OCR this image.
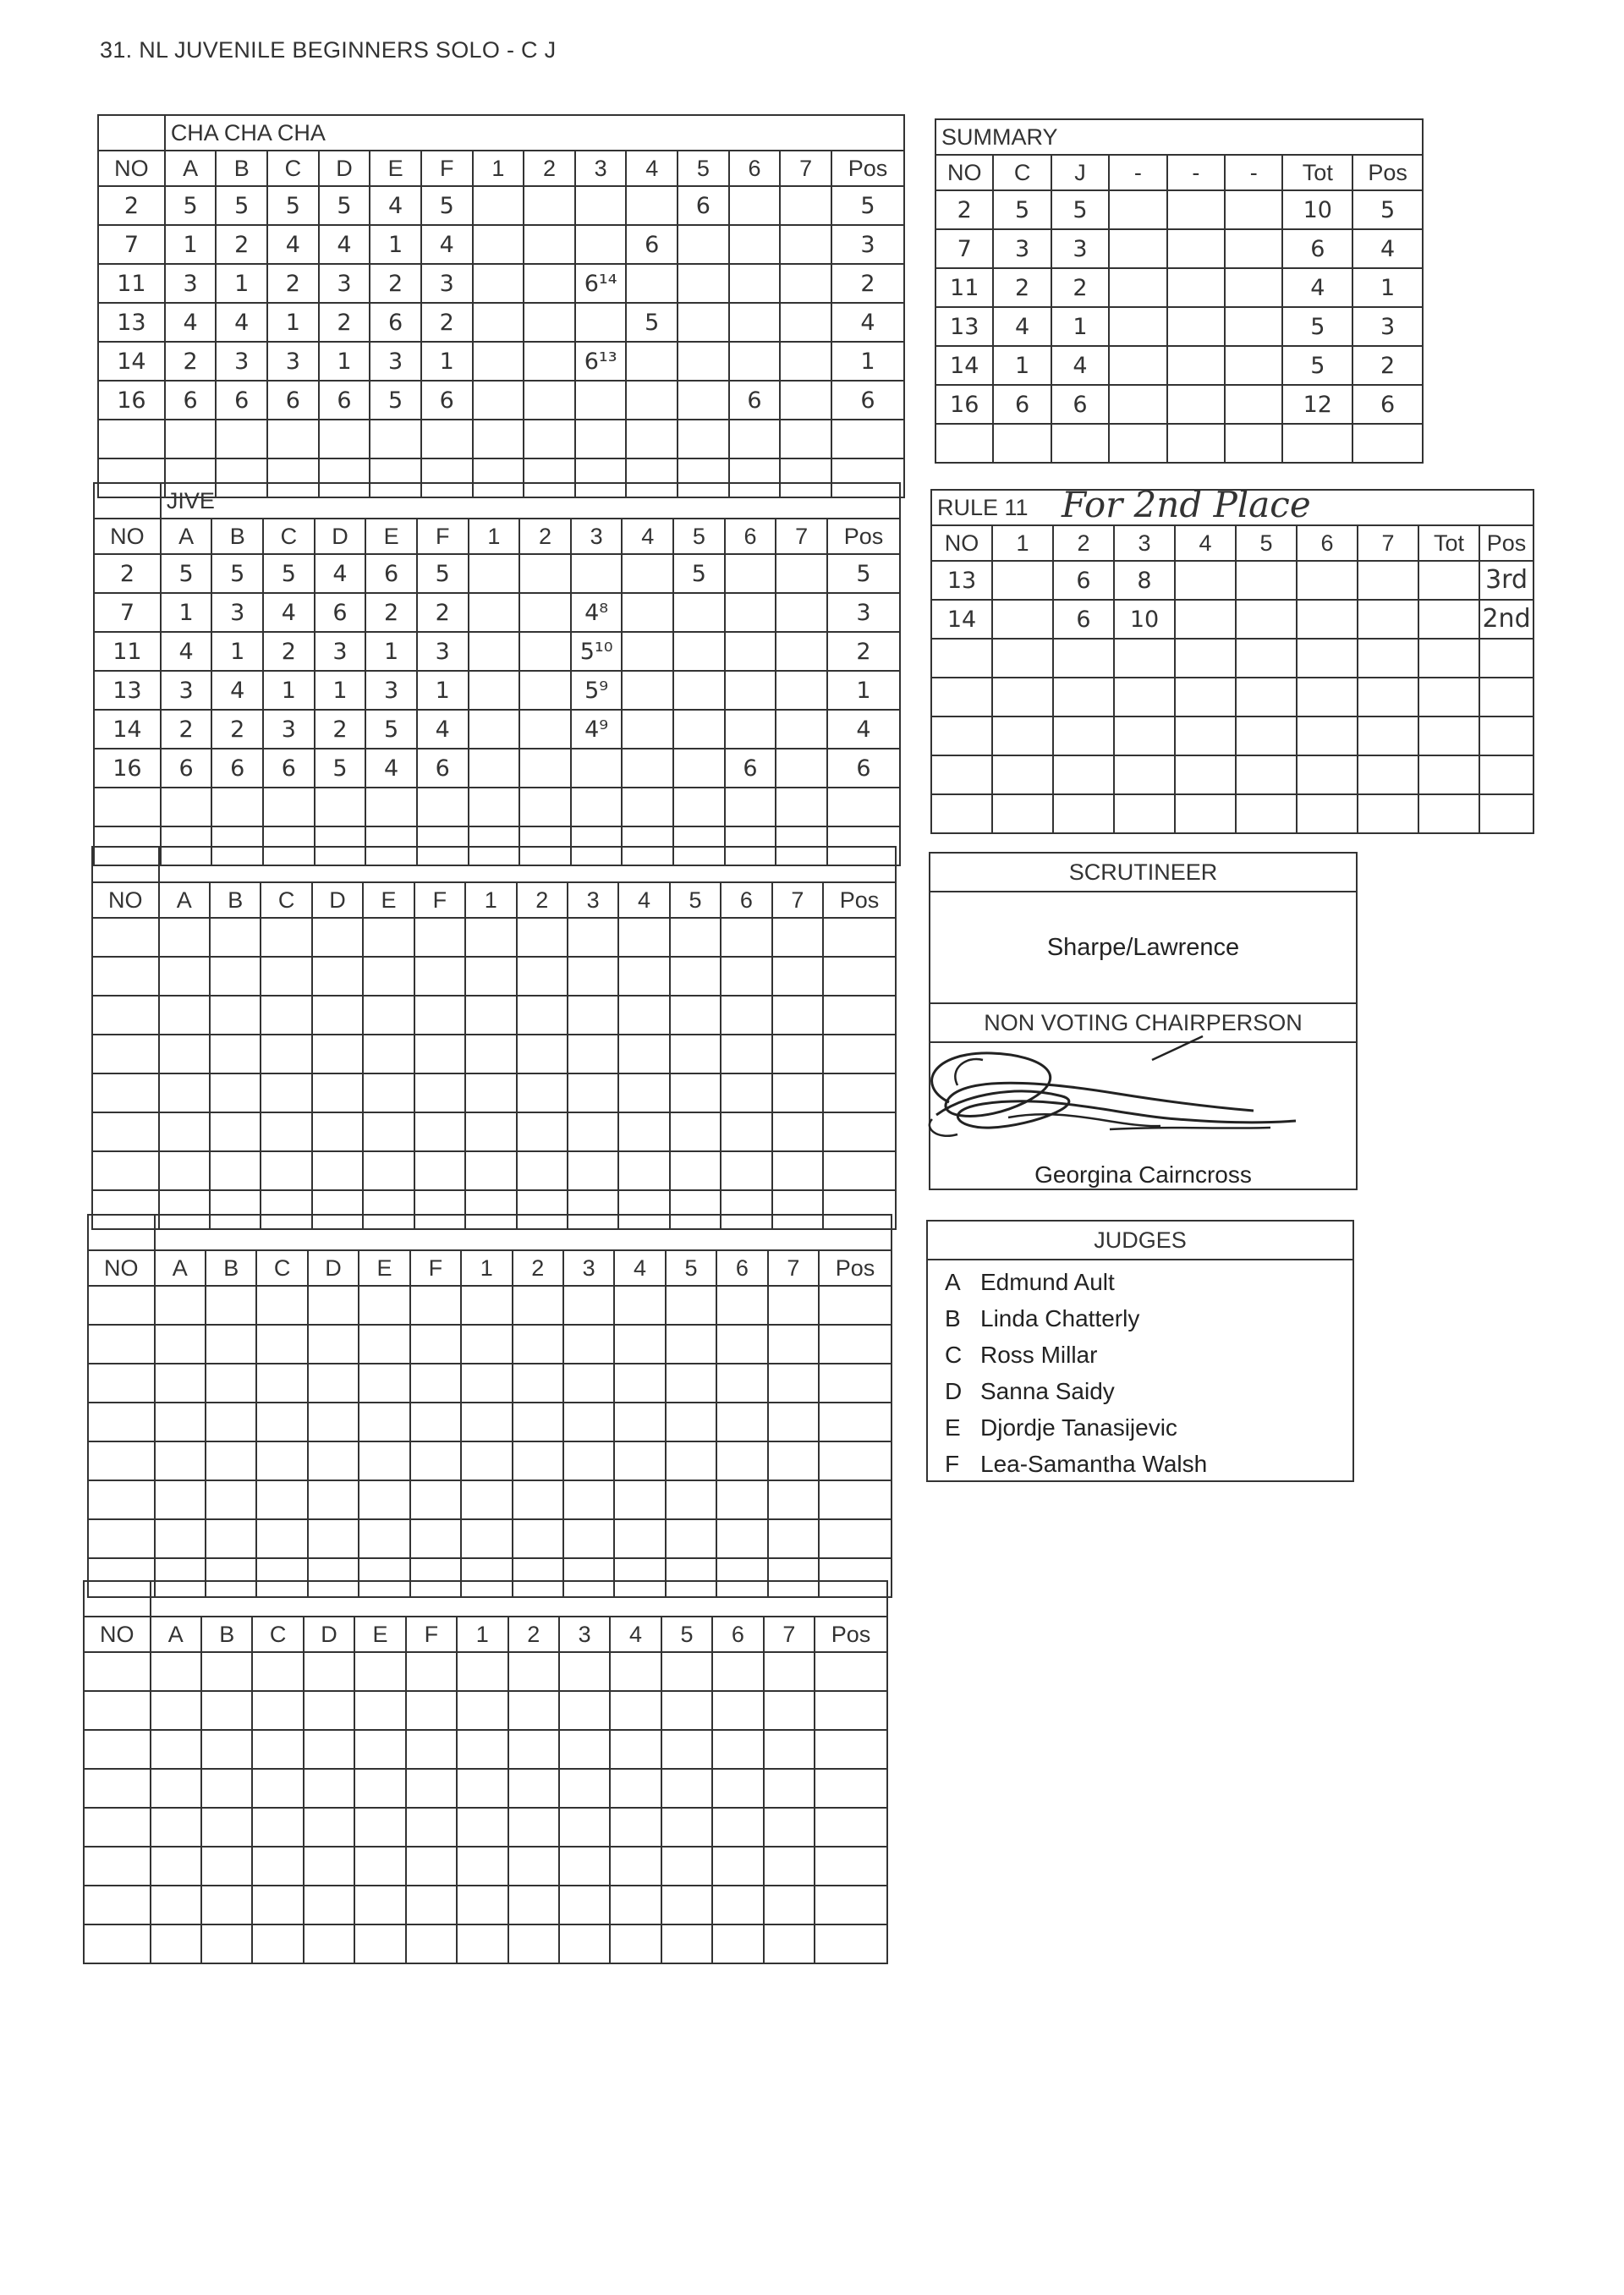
31. NL JUVENILE BEGINNERS SOLO - C J
	CHA CHA CHA													
NO	A	B	C	D	E	F	1	2	3	4	5	6	7	Pos
2	5	5	5	5	4	5					6			5
7	1	2	4	4	1	4				6				3
11	3	1	2	3	2	3			6¹⁴					2
13	4	4	1	2	6	2				5				4
14	2	3	3	1	3	1			6¹³					1
16	6	6	6	6	5	6						6		6

	JIVE													
NO	A	B	C	D	E	F	1	2	3	4	5	6	7	Pos
2	5	5	5	4	6	5					5			5
7	1	3	4	6	2	2			4⁸					3
11	4	1	2	3	1	3			5¹⁰					2
13	3	4	1	1	3	1			5⁹					1
14	2	2	3	2	5	4			4⁹					4
16	6	6	6	5	4	6						6		6

NO	A	B	C	D	E	F	1	2	3	4	5	6	7	Pos

NO	A	B	C	D	E	F	1	2	3	4	5	6	7	Pos

NO	A	B	C	D	E	F	1	2	3	4	5	6	7	Pos

SUMMARY							
NO	C	J	-	-	-	Tot	Pos
2	5	5				10	5
7	3	3				6	4
11	2	2				4	1
13	4	1				5	3
14	1	4				5	2
16	6	6				12	6

RULE 11									
NO	1	2	3	4	5	6	7	Tot	Pos
13		6	8						3rd
14		6	10						2nd

For 2nd Place
SCRUTINEER
Sharpe/Lawrence
NON VOTING CHAIRPERSON
Georgina Cairncross
JUDGES
A Edmund Ault
B Linda Chatterly
C Ross Millar
D Sanna Saidy
E Djordje Tanasijevic
F Lea-Samantha Walsh
